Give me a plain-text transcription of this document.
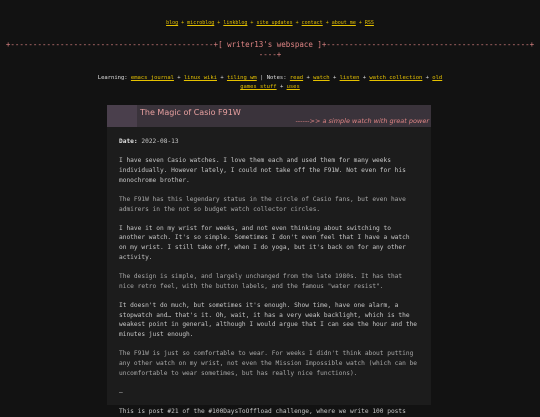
blog + microblog + linkblog + site updates + contact + about me + RSS
+---------------------------------------------+[ writer13's webspace ]+---------------------------------------------+
----+
Learning: emacs journal + linux wiki + tiling wm | Notes: read + watch + listen + watch collection + old games stuff + uses
The Magic of Casio F91W
------>> a simple watch with great power

Date: 2022-08-13

I have seven Casio watches. I love them each and used them for many weeks individually. However lately, I could not take off the F91W. Not even for his monochrome brother.

The F91W has this legendary status in the circle of Casio fans, but even have admirers in the not so budget watch collector circles.

I have it on my wrist for weeks, and not even thinking about switching to another watch. It's so simple. Sometimes I don't even feel that I have a watch on my wrist. I still take off, when I do yoga, but it's back on for any other activity.

The design is simple, and largely unchanged from the late 1980s. It has that nice retro feel, with the button labels, and the famous "water resist".

It doesn't do much, but sometimes it's enough. Show time, have one alarm, a stopwatch and… that's it. Oh, wait, it has a very weak backlight, which is the weakest point in general, although I would argue that I can see the hour and the minutes just enough.

The F91W is just so comfortable to wear. For weeks I didn't think about putting any other watch on my wrist, not even the Mission Impossible watch (which can be uncomfortable to wear sometimes, but has really nice functions).

—

This is post #21 of the #100DaysToOffload challenge, where we write 100 posts
